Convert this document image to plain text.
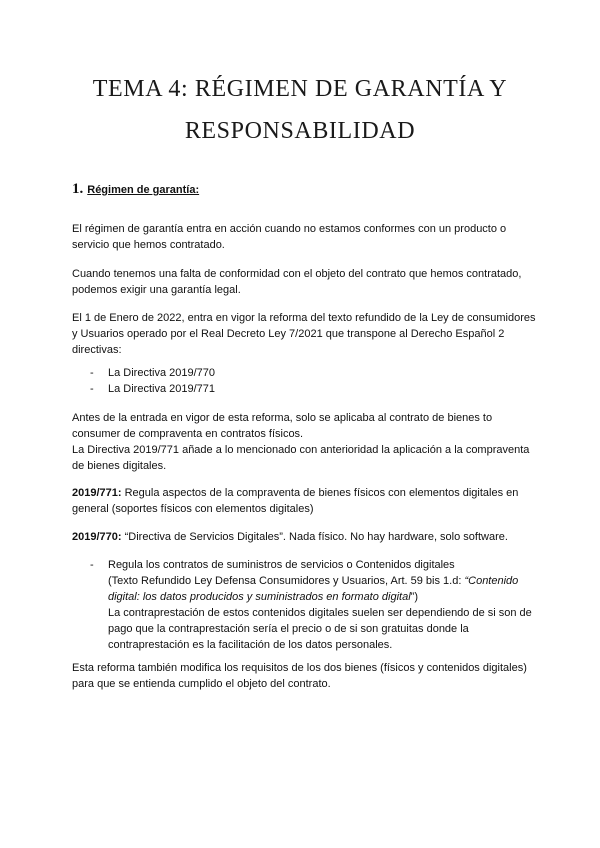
TEMA 4: RÉGIMEN DE GARANTÍA Y
RESPONSABILIDAD
1. Régimen de garantía:

El régimen de garantía entra en acción cuando no estamos conformes con un producto o servicio que hemos contratado.

Cuando tenemos una falta de conformidad con el objeto del contrato que hemos contratado, podemos exigir una garantía legal.

El 1 de Enero de 2022, entra en vigor la reforma del texto refundido de la Ley de consumidores y Usuarios operado por el Real Decreto Ley 7/2021 que transpone al Derecho Español 2 directivas:

- La Directiva 2019/770
- La Directiva 2019/771

Antes de la entrada en vigor de esta reforma, solo se aplicaba al contrato de bienes to consumer de compraventa en contratos físicos.

La Directiva 2019/771 añade a lo mencionado con anterioridad la aplicación a la compraventa de bienes digitales.

2019/771: Regula aspectos de la compraventa de bienes físicos con elementos digitales en general (soportes físicos con elementos digitales)

2019/770: “Directiva de Servicios Digitales”. Nada físico. No hay hardware, solo software.

- Regula los contratos de suministros de servicios o Contenidos digitales
(Texto Refundido Ley Defensa Consumidores y Usuarios, Art. 59 bis 1.d: “Contenido digital: los datos producidos y suministrados en formato digital”)
La contraprestación de estos contenidos digitales suelen ser dependiendo de si son de pago que la contraprestación sería el precio o de si son gratuitas donde la contraprestación es la facilitación de los datos personales.

Esta reforma también modifica los requisitos de los dos bienes (físicos y contenidos digitales) para que se entienda cumplido el objeto del contrato.
